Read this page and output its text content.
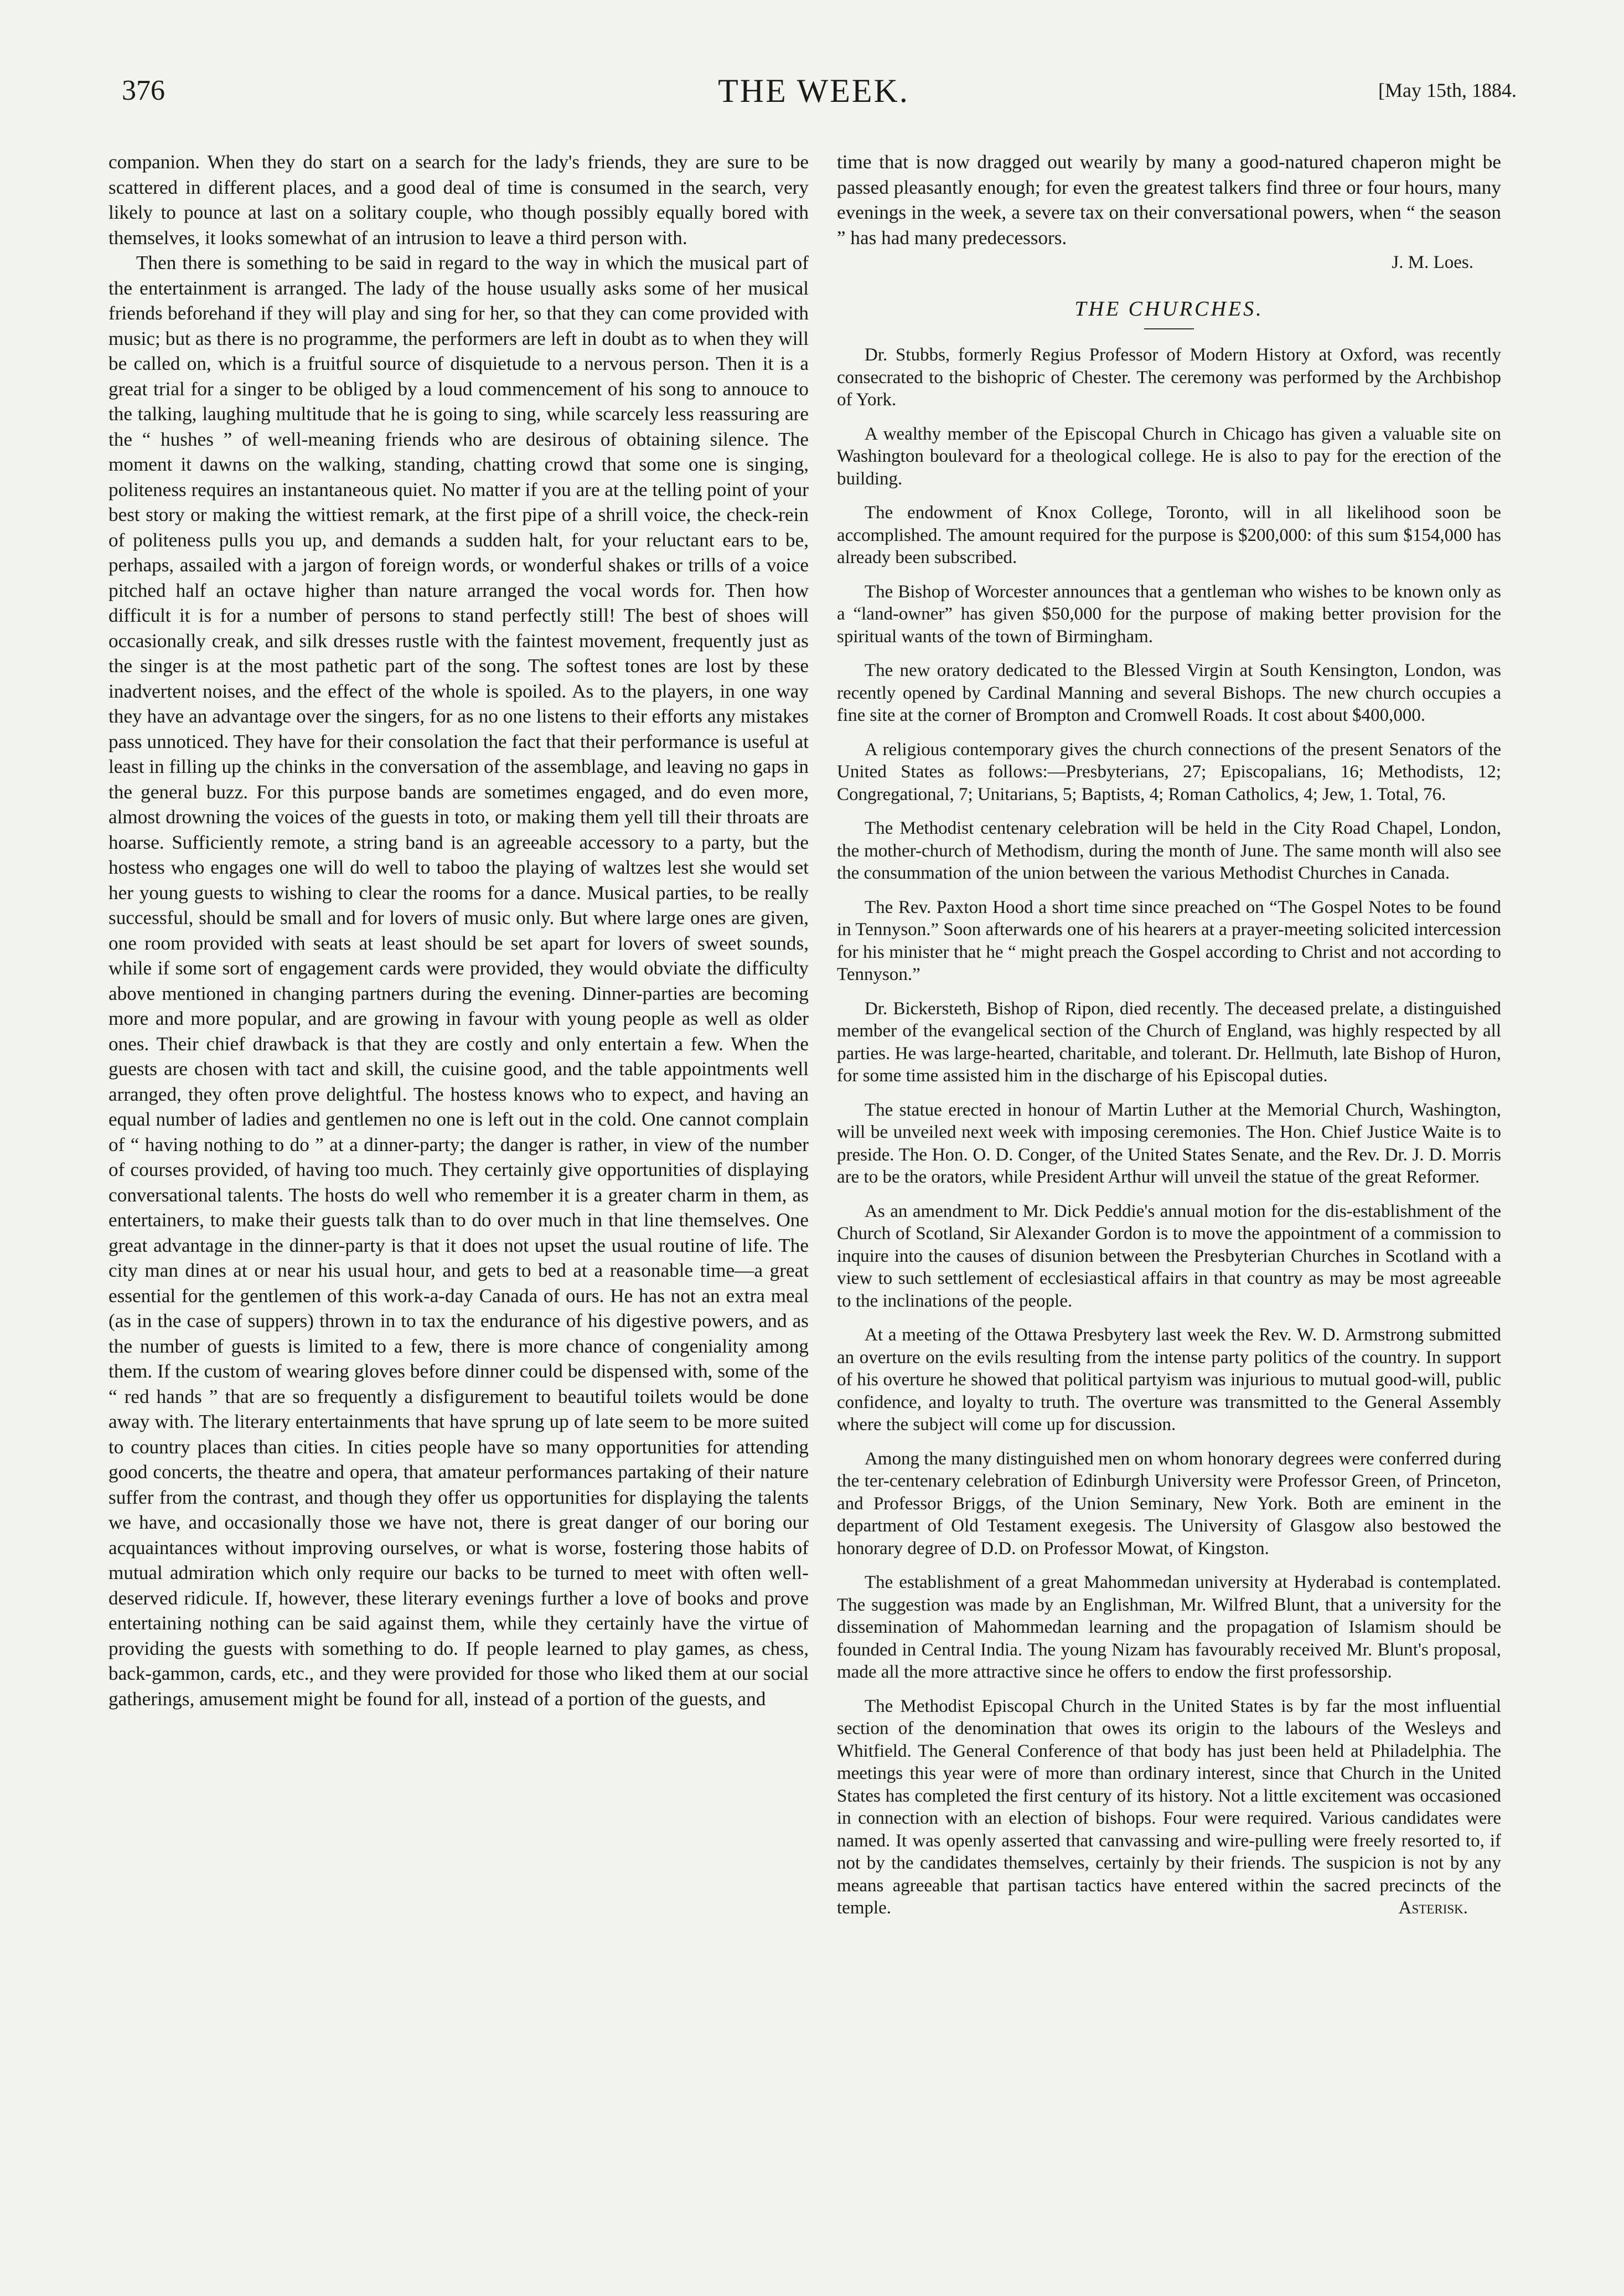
376	THE WEEK.	[May 15th, 1884.

companion. When they do start on a search for the lady's friends, they are sure to be scattered in different places, and a good deal of time is consumed in the search, very likely to pounce at last on a solitary couple, who though possibly equally bored with themselves, it looks somewhat of an intrusion to leave a third person with.

Then there is something to be said in regard to the way in which the musical part of the entertainment is arranged. The lady of the house usually asks some of her musical friends beforehand if they will play and sing for her, so that they can come provided with music; but as there is no programme, the performers are left in doubt as to when they will be called on, which is a fruitful source of disquietude to a nervous person. Then it is a great trial for a singer to be obliged by a loud commencement of his song to annouce to the talking, laughing multitude that he is going to sing, while scarcely less reassuring are the “ hushes ” of well-meaning friends who are desirous of obtaining silence. The moment it dawns on the walking, standing, chatting crowd that some one is singing, politeness requires an instantaneous quiet. No matter if you are at the telling point of your best story or making the wittiest remark, at the first pipe of a shrill voice, the check-rein of politeness pulls you up, and demands a sudden halt, for your reluctant ears to be, perhaps, assailed with a jargon of foreign words, or wonderful shakes or trills of a voice pitched half an octave higher than nature arranged the vocal words for. Then how difficult it is for a number of persons to stand perfectly still! The best of shoes will occasionally creak, and silk dresses rustle with the faintest movement, frequently just as the singer is at the most pathetic part of the song. The softest tones are lost by these inadvertent noises, and the effect of the whole is spoiled. As to the players, in one way they have an advantage over the singers, for as no one listens to their efforts any mistakes pass unnoticed. They have for their consolation the fact that their performance is useful at least in filling up the chinks in the conversation of the assemblage, and leaving no gaps in the general buzz. For this purpose bands are sometimes engaged, and do even more, almost drowning the voices of the guests in toto, or making them yell till their throats are hoarse. Sufficiently remote, a string band is an agreeable accessory to a party, but the hostess who engages one will do well to taboo the playing of waltzes lest she would set her young guests to wishing to clear the rooms for a dance. Musical parties, to be really successful, should be small and for lovers of music only. But where large ones are given, one room provided with seats at least should be set apart for lovers of sweet sounds, while if some sort of engagement cards were provided, they would obviate the difficulty above mentioned in changing partners during the evening. Dinner-parties are becoming more and more popular, and are growing in favour with young people as well as older ones. Their chief drawback is that they are costly and only entertain a few. When the guests are chosen with tact and skill, the cuisine good, and the table appointments well arranged, they often prove delightful. The hostess knows who to expect, and having an equal number of ladies and gentlemen no one is left out in the cold. One cannot complain of “ having nothing to do ” at a dinner-party; the danger is rather, in view of the number of courses provided, of having too much. They certainly give opportunities of displaying conversational talents. The hosts do well who remember it is a greater charm in them, as entertainers, to make their guests talk than to do over much in that line themselves. One great advantage in the dinner-party is that it does not upset the usual routine of life. The city man dines at or near his usual hour, and gets to bed at a reasonable time—a great essential for the gentlemen of this work-a-day Canada of ours. He has not an extra meal (as in the case of suppers) thrown in to tax the endurance of his digestive powers, and as the number of guests is limited to a few, there is more chance of congeniality among them. If the custom of wearing gloves before dinner could be dispensed with, some of the “ red hands ” that are so frequently a disfigurement to beautiful toilets would be done away with. The literary entertainments that have sprung up of late seem to be more suited to country places than cities. In cities people have so many opportunities for attending good concerts, the theatre and opera, that amateur performances partaking of their nature suffer from the contrast, and though they offer us opportunities for displaying the talents we have, and occasionally those we have not, there is great danger of our boring our acquaintances without improving ourselves, or what is worse, fostering those habits of mutual admiration which only require our backs to be turned to meet with often well-deserved ridicule. If, however, these literary evenings further a love of books and prove entertaining nothing can be said against them, while they certainly have the virtue of providing the guests with something to do. If people learned to play games, as chess, back-gammon, cards, etc., and they were provided for those who liked them at our social gatherings, amusement might be found for all, instead of a portion of the guests, and

time that is now dragged out wearily by many a good-natured chaperon might be passed pleasantly enough; for even the greatest talkers find three or four hours, many evenings in the week, a severe tax on their conversational powers, when “ the season ” has had many predecessors.

J. M. Loes.
THE CHURCHES.

Dr. Stubbs, formerly Regius Professor of Modern History at Oxford, was recently consecrated to the bishopric of Chester. The ceremony was performed by the Archbishop of York.

A wealthy member of the Episcopal Church in Chicago has given a valuable site on Washington boulevard for a theological college. He is also to pay for the erection of the building.

The endowment of Knox College, Toronto, will in all likelihood soon be accomplished. The amount required for the purpose is $200,000: of this sum $154,000 has already been subscribed.

The Bishop of Worcester announces that a gentleman who wishes to be known only as a “land-owner” has given $50,000 for the purpose of making better provision for the spiritual wants of the town of Birmingham.

The new oratory dedicated to the Blessed Virgin at South Kensington, London, was recently opened by Cardinal Manning and several Bishops. The new church occupies a fine site at the corner of Brompton and Cromwell Roads. It cost about $400,000.

A religious contemporary gives the church connections of the present Senators of the United States as follows:—Presbyterians, 27; Episcopalians, 16; Methodists, 12; Congregational, 7; Unitarians, 5; Baptists, 4; Roman Catholics, 4; Jew, 1. Total, 76.

The Methodist centenary celebration will be held in the City Road Chapel, London, the mother-church of Methodism, during the month of June. The same month will also see the consummation of the union between the various Methodist Churches in Canada.

The Rev. Paxton Hood a short time since preached on “The Gospel Notes to be found in Tennyson.” Soon afterwards one of his hearers at a prayer-meeting solicited intercession for his minister that he “ might preach the Gospel according to Christ and not according to Tennyson.”

Dr. Bickersteth, Bishop of Ripon, died recently. The deceased prelate, a distinguished member of the evangelical section of the Church of England, was highly respected by all parties. He was large-hearted, charitable, and tolerant. Dr. Hellmuth, late Bishop of Huron, for some time assisted him in the discharge of his Episcopal duties.

The statue erected in honour of Martin Luther at the Memorial Church, Washington, will be unveiled next week with imposing ceremonies. The Hon. Chief Justice Waite is to preside. The Hon. O. D. Conger, of the United States Senate, and the Rev. Dr. J. D. Morris are to be the orators, while President Arthur will unveil the statue of the great Reformer.

As an amendment to Mr. Dick Peddie's annual motion for the dis-establishment of the Church of Scotland, Sir Alexander Gordon is to move the appointment of a commission to inquire into the causes of disunion between the Presbyterian Churches in Scotland with a view to such settlement of ecclesiastical affairs in that country as may be most agreeable to the inclinations of the people.

At a meeting of the Ottawa Presbytery last week the Rev. W. D. Armstrong submitted an overture on the evils resulting from the intense party politics of the country. In support of his overture he showed that political partyism was injurious to mutual good-will, public confidence, and loyalty to truth. The overture was transmitted to the General Assembly where the subject will come up for discussion.

Among the many distinguished men on whom honorary degrees were conferred during the ter-centenary celebration of Edinburgh University were Professor Green, of Princeton, and Professor Briggs, of the Union Seminary, New York. Both are eminent in the department of Old Testament exegesis. The University of Glasgow also bestowed the honorary degree of D.D. on Professor Mowat, of Kingston.

The establishment of a great Mahommedan university at Hyderabad is contemplated. The suggestion was made by an Englishman, Mr. Wilfred Blunt, that a university for the dissemination of Mahommedan learning and the propagation of Islamism should be founded in Central India. The young Nizam has favourably received Mr. Blunt's proposal, made all the more attractive since he offers to endow the first professorship.

The Methodist Episcopal Church in the United States is by far the most influential section of the denomination that owes its origin to the labours of the Wesleys and Whitfield. The General Conference of that body has just been held at Philadelphia. The meetings this year were of more than ordinary interest, since that Church in the United States has completed the first century of its history. Not a little excitement was occasioned in connection with an election of bishops. Four were required. Various candidates were named. It was openly asserted that canvassing and wire-pulling were freely resorted to, if not by the candidates themselves, certainly by their friends. The suspicion is not by any means agreeable that partisan tactics have entered within the sacred precincts of the temple.	Asterisk.
